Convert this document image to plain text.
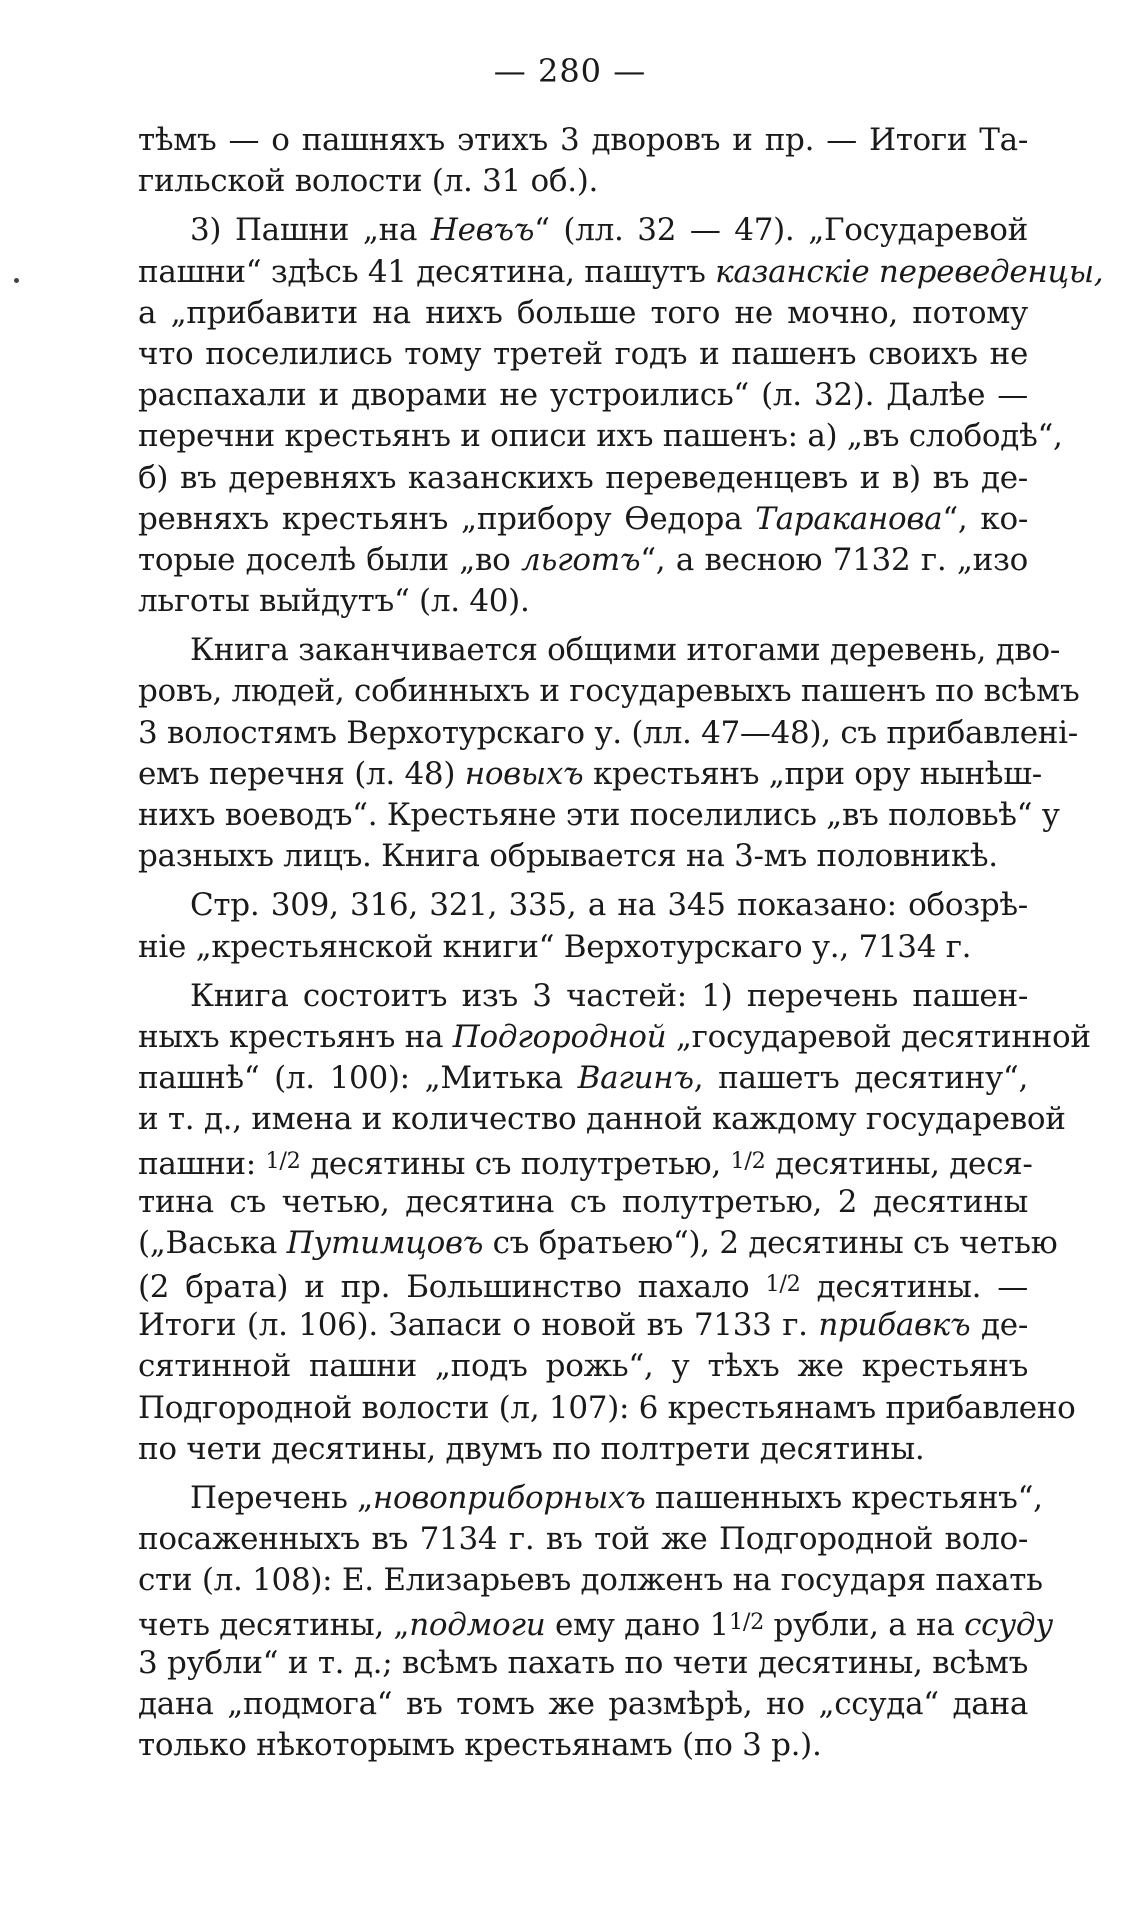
— 280 —
тѣмъ — о пашняхъ этихъ 3 дворовъ и пр. — Итоги Та-
гильской волости (л. 31 об.).
3) Пашни „на Невъъ“ (лл. 32 — 47). „Государевой
пашни“ здѣсь 41 десятина, пашутъ казанскіе переведенцы,
а „прибавити на нихъ больше того не мочно, потому
что поселились тому третей годъ и пашенъ своихъ не
распахали и дворами не устроились“ (л. 32). Далѣе —
перечни крестьянъ и описи ихъ пашенъ: а) „въ слободѣ“,
б) въ деревняхъ казанскихъ переведенцевъ и в) въ де-
ревняхъ крестьянъ „прибору Ѳедора Тараканова“, ко-
торые доселѣ были „во льготъ“, а весною 7132 г. „изо
льготы выйдутъ“ (л. 40).
Книга заканчивается общими итогами деревень, дво-
ровъ, людей, собинныхъ и государевыхъ пашенъ по всѣмъ
3 волостямъ Верхотурскаго у. (лл. 47—48), съ прибавленi-
емъ перечня (л. 48) новыхъ крестьянъ „при ору нынѣш-
нихъ воеводъ“. Крестьяне эти поселились „въ половьѣ“ у
разныхъ лицъ. Книга обрывается на 3-мъ половникѣ.
Стр. 309, 316, 321, 335, а на 345 показано: обозрѣ-
нiе „крестьянской книги“ Верхотурскаго у., 7134 г.
Книга состоитъ изъ 3 частей: 1) перечень пашен-
ныхъ крестьянъ на Подгородной „государевой десятинной
пашнѣ“ (л. 100): „Митька Вагинъ, пашетъ десятину“,
и т. д., имена и количество данной каждому государевой
пашни: $^{1/2}$ десятины съ полутретью, $^{1/2}$ десятины, деся-
тина съ четью, десятина съ полутретью, 2 десятины
(„Васька Путимцовъ съ братьею“), 2 десятины съ четью
(2 брата) и пр. Большинство пахало $^{1/2}$ десятины. —
Итоги (л. 106). Запаси о новой въ 7133 г. прибавкъ де-
сятинной пашни „подъ рожь“, у тѣхъ же крестьянъ
Подгородной волости (л, 107): 6 крестьянамъ прибавлено
по чети десятины, двумъ по полтрети десятины.
Перечень „новоприборныхъ пашенныхъ крестьянъ“,
посаженныхъ въ 7134 г. въ той же Подгородной воло-
сти (л. 108): Е. Елизарьевъ долженъ на государя пахать
четь десятины, „подмоги ему дано $1^{1/2}$ рубли, а на ссуду
3 рубли“ и т. д.; всѣмъ пахать по чети десятины, всѣмъ
дана „подмога“ въ томъ же размѣрѣ, но „ссуда“ дана
только нѣкоторымъ крестьянамъ (по 3 р.).
